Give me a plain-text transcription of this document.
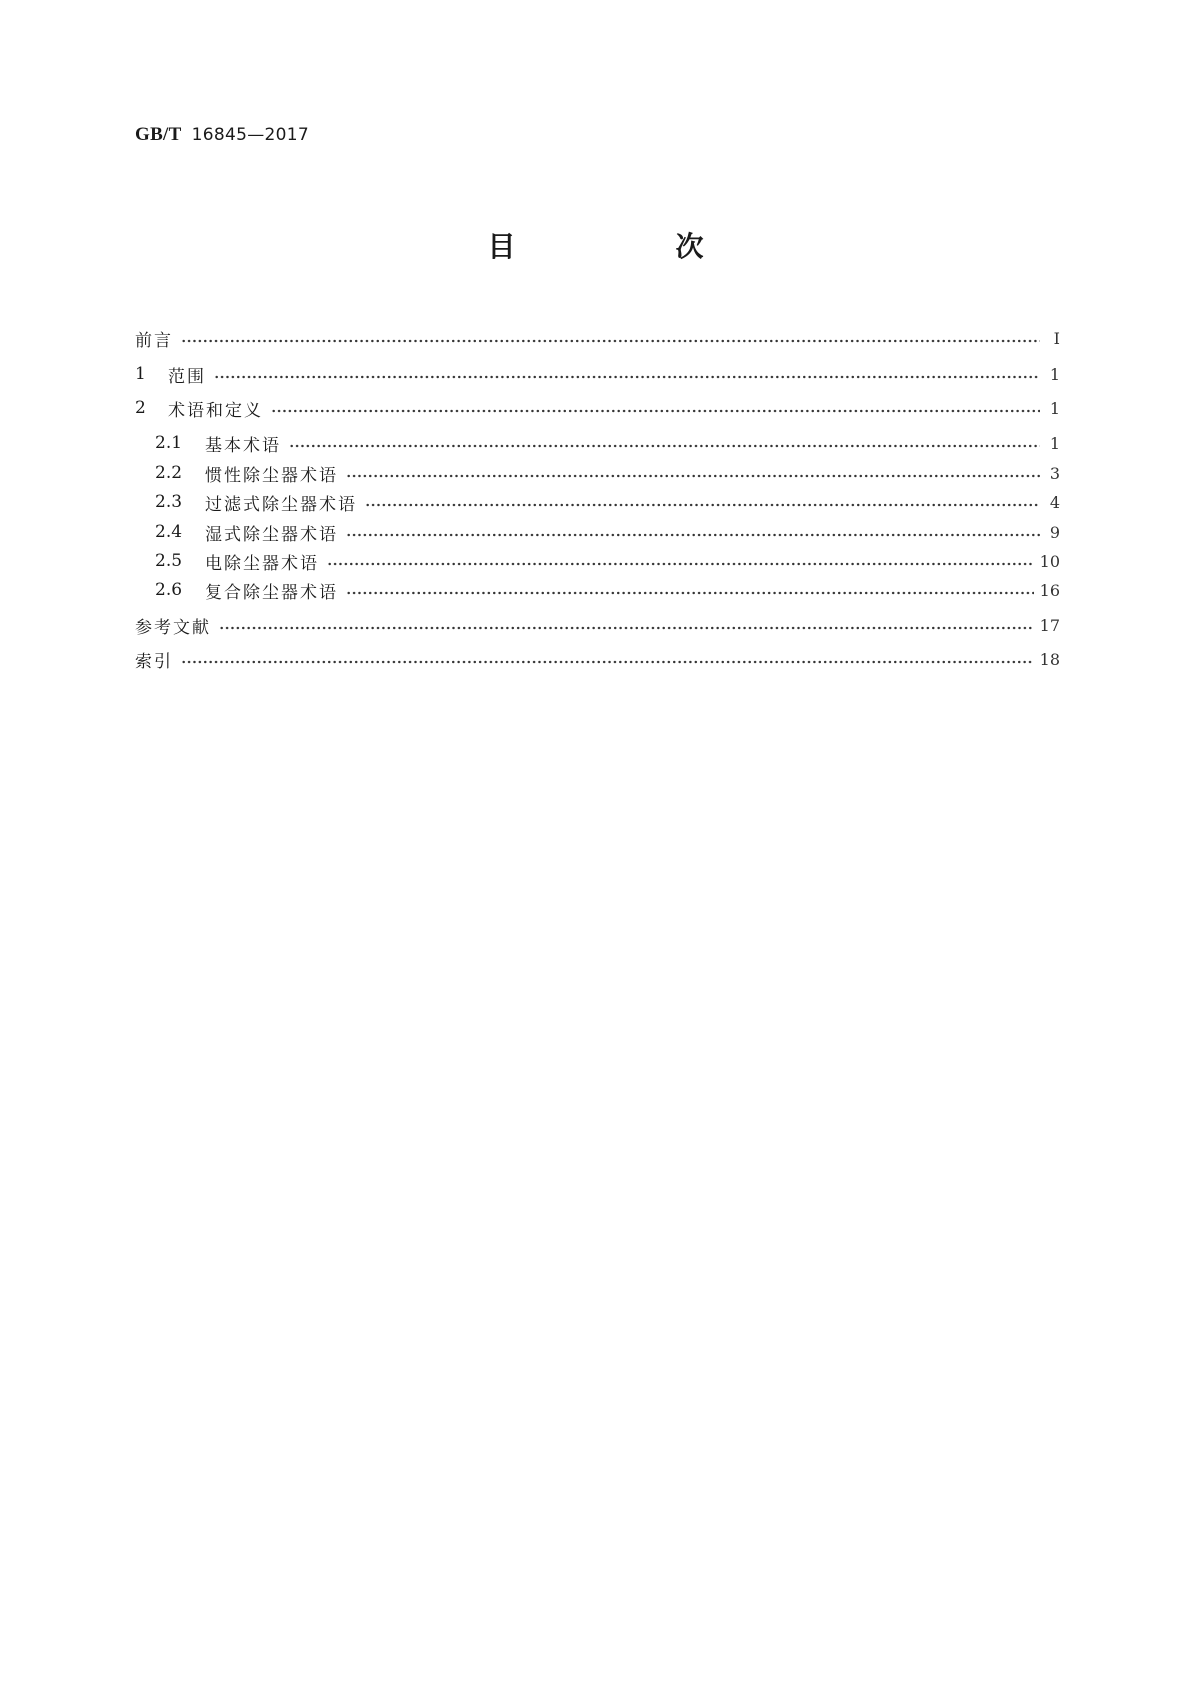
GB/T 16845—2017
目　次
前言	Ⅰ
1	范围	1
2	术语和定义	1
2.1	基本术语	1
2.2	惯性除尘器术语	3
2.3	过滤式除尘器术语	4
2.4	湿式除尘器术语	9
2.5	电除尘器术语	10
2.6	复合除尘器术语	16
参考文献	17
索引	18
